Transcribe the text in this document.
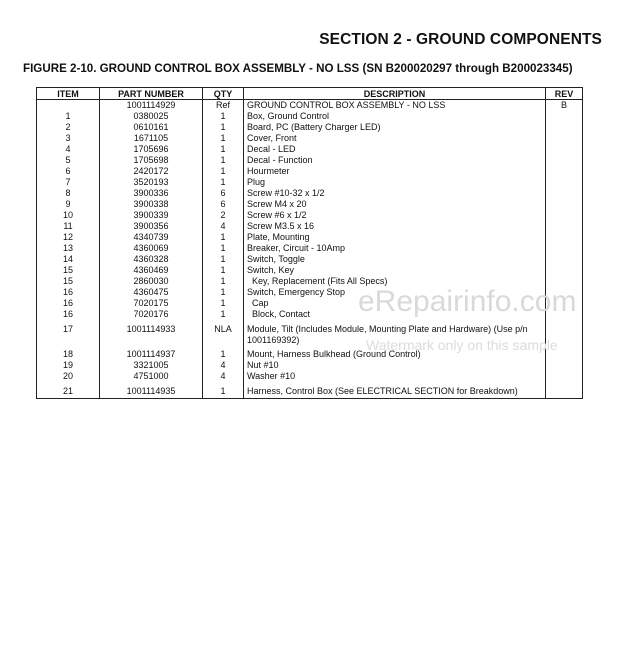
SECTION 2 - GROUND COMPONENTS
FIGURE 2-10. GROUND CONTROL BOX ASSEMBLY - NO LSS (SN B200020297 through B200023345)
ITEM	PART NUMBER	QTY	DESCRIPTION	REV
	1001114929	Ref	GROUND CONTROL BOX ASSEMBLY - NO LSS	B
1	0380025	1	Box, Ground Control	
2	0610161	1	Board, PC (Battery Charger LED)	
3	1671105	1	Cover, Front	
4	1705696	1	Decal - LED	
5	1705698	1	Decal - Function	
6	2420172	1	Hourmeter	
7	3520193	1	Plug	
8	3900336	6	Screw #10-32 x 1/2	
9	3900338	6	Screw M4 x 20	
10	3900339	2	Screw #6 x 1/2	
11	3900356	4	Screw M3.5 x 16	
12	4340739	1	Plate, Mounting	
13	4360069	1	Breaker, Circuit - 10Amp	
14	4360328	1	Switch, Toggle	
15	4360469	1	Switch, Key	
15	2860030	1	Key, Replacement (Fits All Specs)	
16	4360475	1	Switch, Emergency Stop	
16	7020175	1	Cap	
16	7020176	1	Block, Contact	
17	1001114933	NLA	Module, Tilt (Includes Module, Mounting Plate and Hardware) (Use p/n 1001169392)	
18	1001114937	1	Mount, Harness Bulkhead (Ground Control)	
19	3321005	4	Nut #10	
20	4751000	4	Washer #10	
21	1001114935	1	Harness, Control Box (See ELECTRICAL SECTION for Breakdown)	
eRepairinfo.com
Watermark only on this sample
